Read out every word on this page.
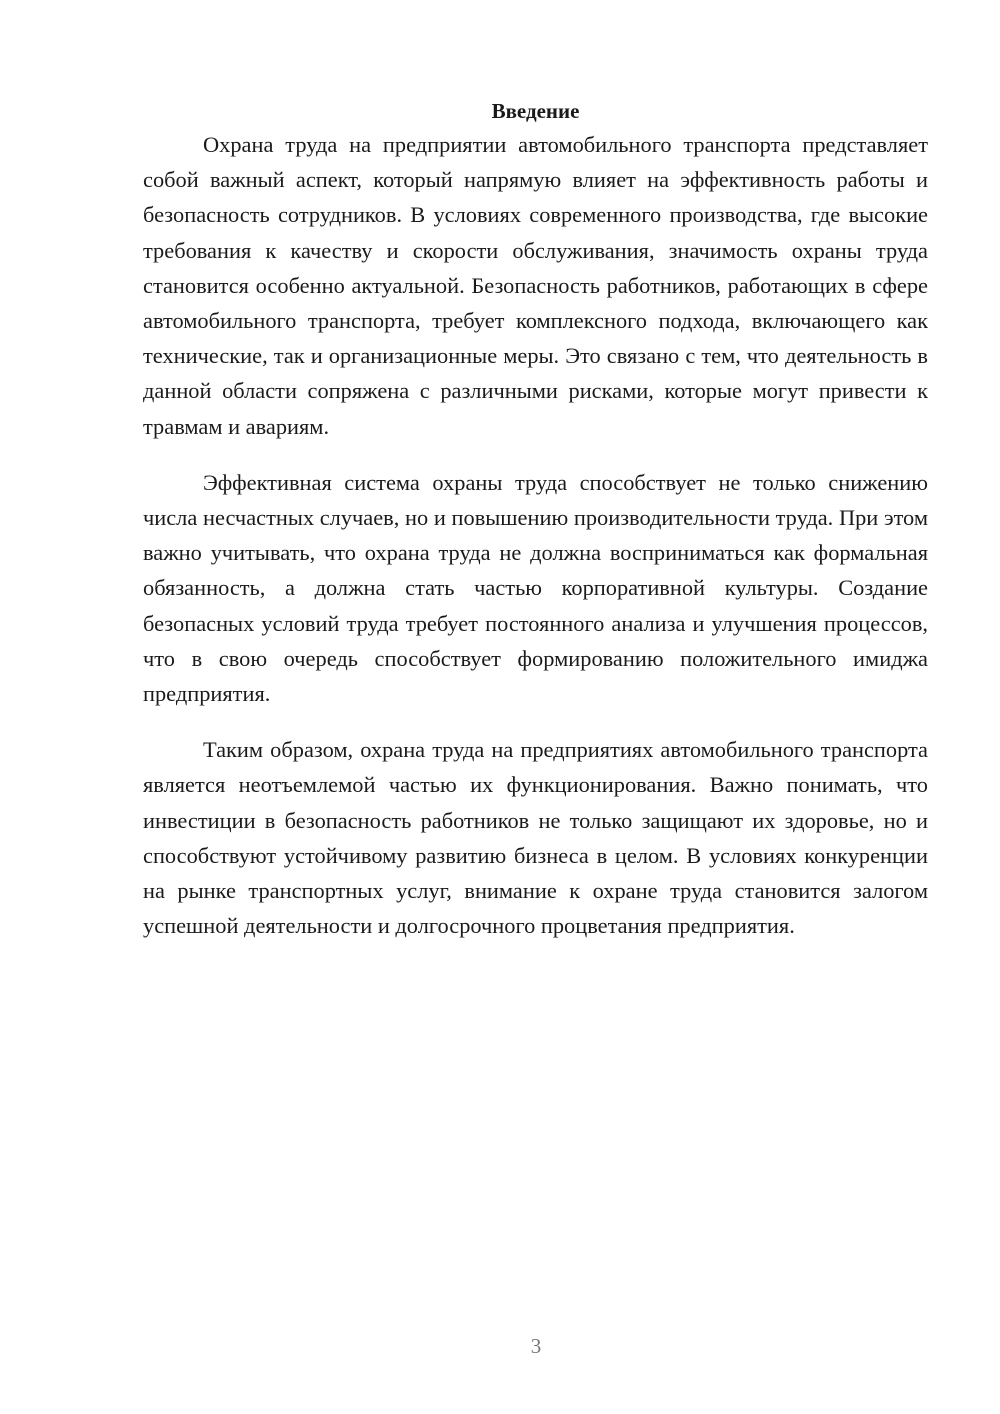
Введение

Охрана труда на предприятии автомобильного транспорта представляет собой важный аспект, который напрямую влияет на эффективность работы и безопасность сотрудников. В условиях современного производства, где высокие требования к качеству и скорости обслуживания, значимость охраны труда становится особенно актуальной. Безопасность работников, работающих в сфере автомобильного транспорта, требует комплексного подхода, включающего как технические, так и организационные меры. Это связано с тем, что деятельность в данной области сопряжена с различными рисками, которые могут привести к травмам и авариям.

Эффективная система охраны труда способствует не только снижению числа несчастных случаев, но и повышению производительности труда. При этом важно учитывать, что охрана труда не должна восприниматься как формальная обязанность, а должна стать частью корпоративной культуры. Создание безопасных условий труда требует постоянного анализа и улучшения процессов, что в свою очередь способствует формированию положительного имиджа предприятия.

Таким образом, охрана труда на предприятиях автомобильного транспорта является неотъемлемой частью их функционирования. Важно понимать, что инвестиции в безопасность работников не только защищают их здоровье, но и способствуют устойчивому развитию бизнеса в целом. В условиях конкуренции на рынке транспортных услуг, внимание к охране труда становится залогом успешной деятельности и долгосрочного процветания предприятия.

3
